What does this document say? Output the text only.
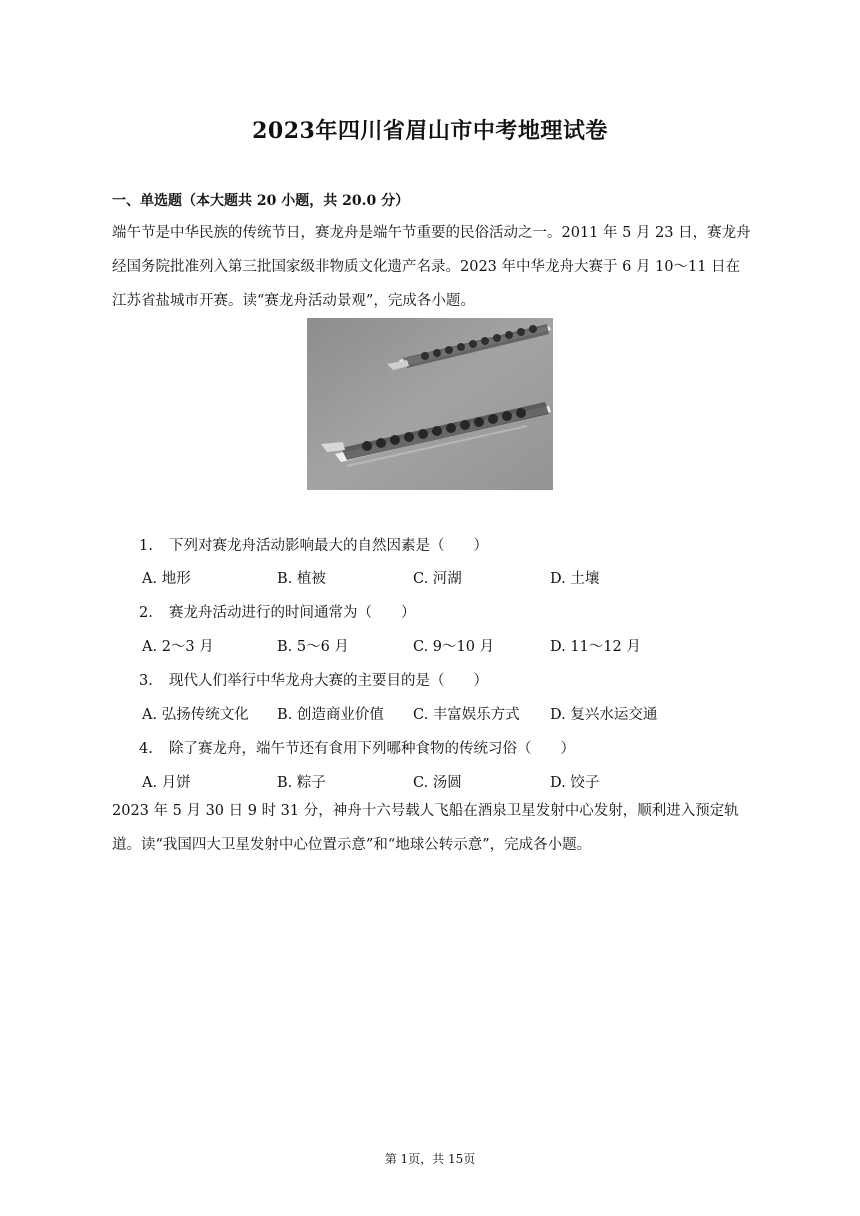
2023年四川省眉山市中考地理试卷
一、单选题（本大题共 20 小题，共 20.0 分）
端午节是中华民族的传统节日，赛龙舟是端午节重要的民俗活动之一。2011 年 5 月 23 日，赛龙舟经国务院批准列入第三批国家级非物质文化遗产名录。2023 年中华龙舟大赛于 6 月 10～11 日在江苏省盐城市开赛。读“赛龙舟活动景观”，完成各小题。
1. 下列对赛龙舟活动影响最大的自然因素是（　　）
A. 地形	B. 植被	C. 河湖	D. 土壤
2. 赛龙舟活动进行的时间通常为（　　）
A. 2～3 月	B. 5～6 月	C. 9～10 月	D. 11～12 月
3. 现代人们举行中华龙舟大赛的主要目的是（　　）
A. 弘扬传统文化 B. 创造商业价值 C. 丰富娱乐方式 D. 复兴水运交通
4. 除了赛龙舟，端午节还有食用下列哪种食物的传统习俗（　　）
A. 月饼	B. 粽子	C. 汤圆	D. 饺子
2023 年 5 月 30 日 9 时 31 分，神舟十六号载人飞船在酒泉卫星发射中心发射，顺利进入预定轨道。读“我国四大卫星发射中心位置示意”和“地球公转示意”，完成各小题。
第 1页，共 15页
